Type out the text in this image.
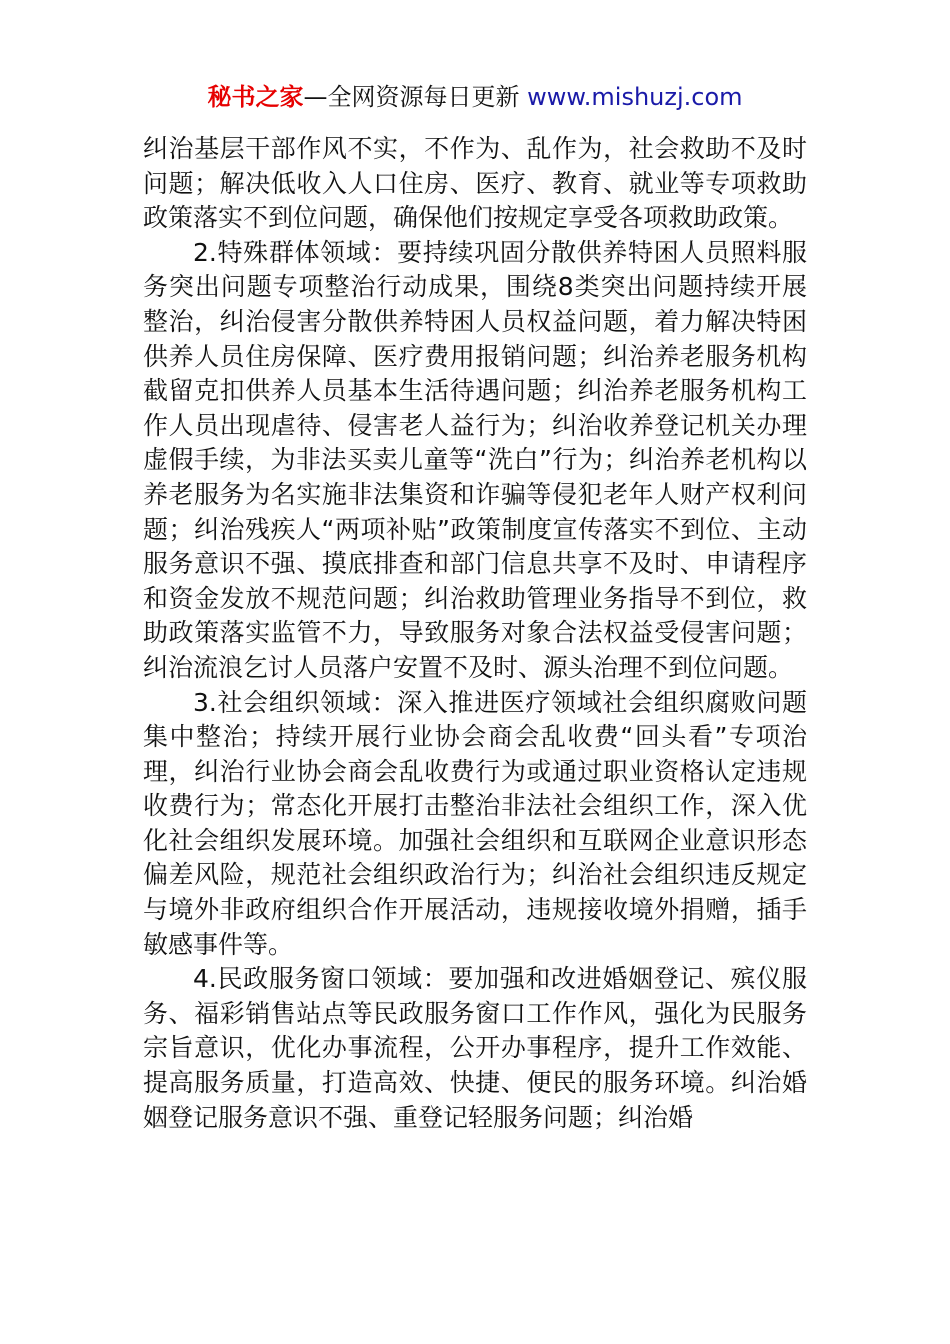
秘书之家—全网资源每日更新 www.mishuzj.com

纠治基层干部作风不实，不作为、乱作为，社会救助不及时问题；解决低收入人口住房、医疗、教育、就业等专项救助政策落实不到位问题，确保他们按规定享受各项救助政策。

2.特殊群体领域：要持续巩固分散供养特困人员照料服务突出问题专项整治行动成果，围绕8类突出问题持续开展整治，纠治侵害分散供养特困人员权益问题，着力解决特困供养人员住房保障、医疗费用报销问题；纠治养老服务机构截留克扣供养人员基本生活待遇问题；纠治养老服务机构工作人员出现虐待、侵害老人益行为；纠治收养登记机关办理虚假手续，为非法买卖儿童等“洗白”行为；纠治养老机构以养老服务为名实施非法集资和诈骗等侵犯老年人财产权利问题；纠治残疾人“两项补贴”政策制度宣传落实不到位、主动服务意识不强、摸底排查和部门信息共享不及时、申请程序和资金发放不规范问题；纠治救助管理业务指导不到位，救助政策落实监管不力，导致服务对象合法权益受侵害问题；纠治流浪乞讨人员落户安置不及时、源头治理不到位问题。

3.社会组织领域：深入推进医疗领域社会组织腐败问题集中整治；持续开展行业协会商会乱收费“回头看”专项治理，纠治行业协会商会乱收费行为或通过职业资格认定违规收费行为；常态化开展打击整治非法社会组织工作，深入优化社会组织发展环境。加强社会组织和互联网企业意识形态偏差风险，规范社会组织政治行为；纠治社会组织违反规定与境外非政府组织合作开展活动，违规接收境外捐赠，插手敏感事件等。

4.民政服务窗口领域：要加强和改进婚姻登记、殡仪服务、福彩销售站点等民政服务窗口工作作风，强化为民服务宗旨意识，优化办事流程，公开办事程序，提升工作效能、提高服务质量，打造高效、快捷、便民的服务环境。纠治婚姻登记服务意识不强、重登记轻服务问题；纠治婚
